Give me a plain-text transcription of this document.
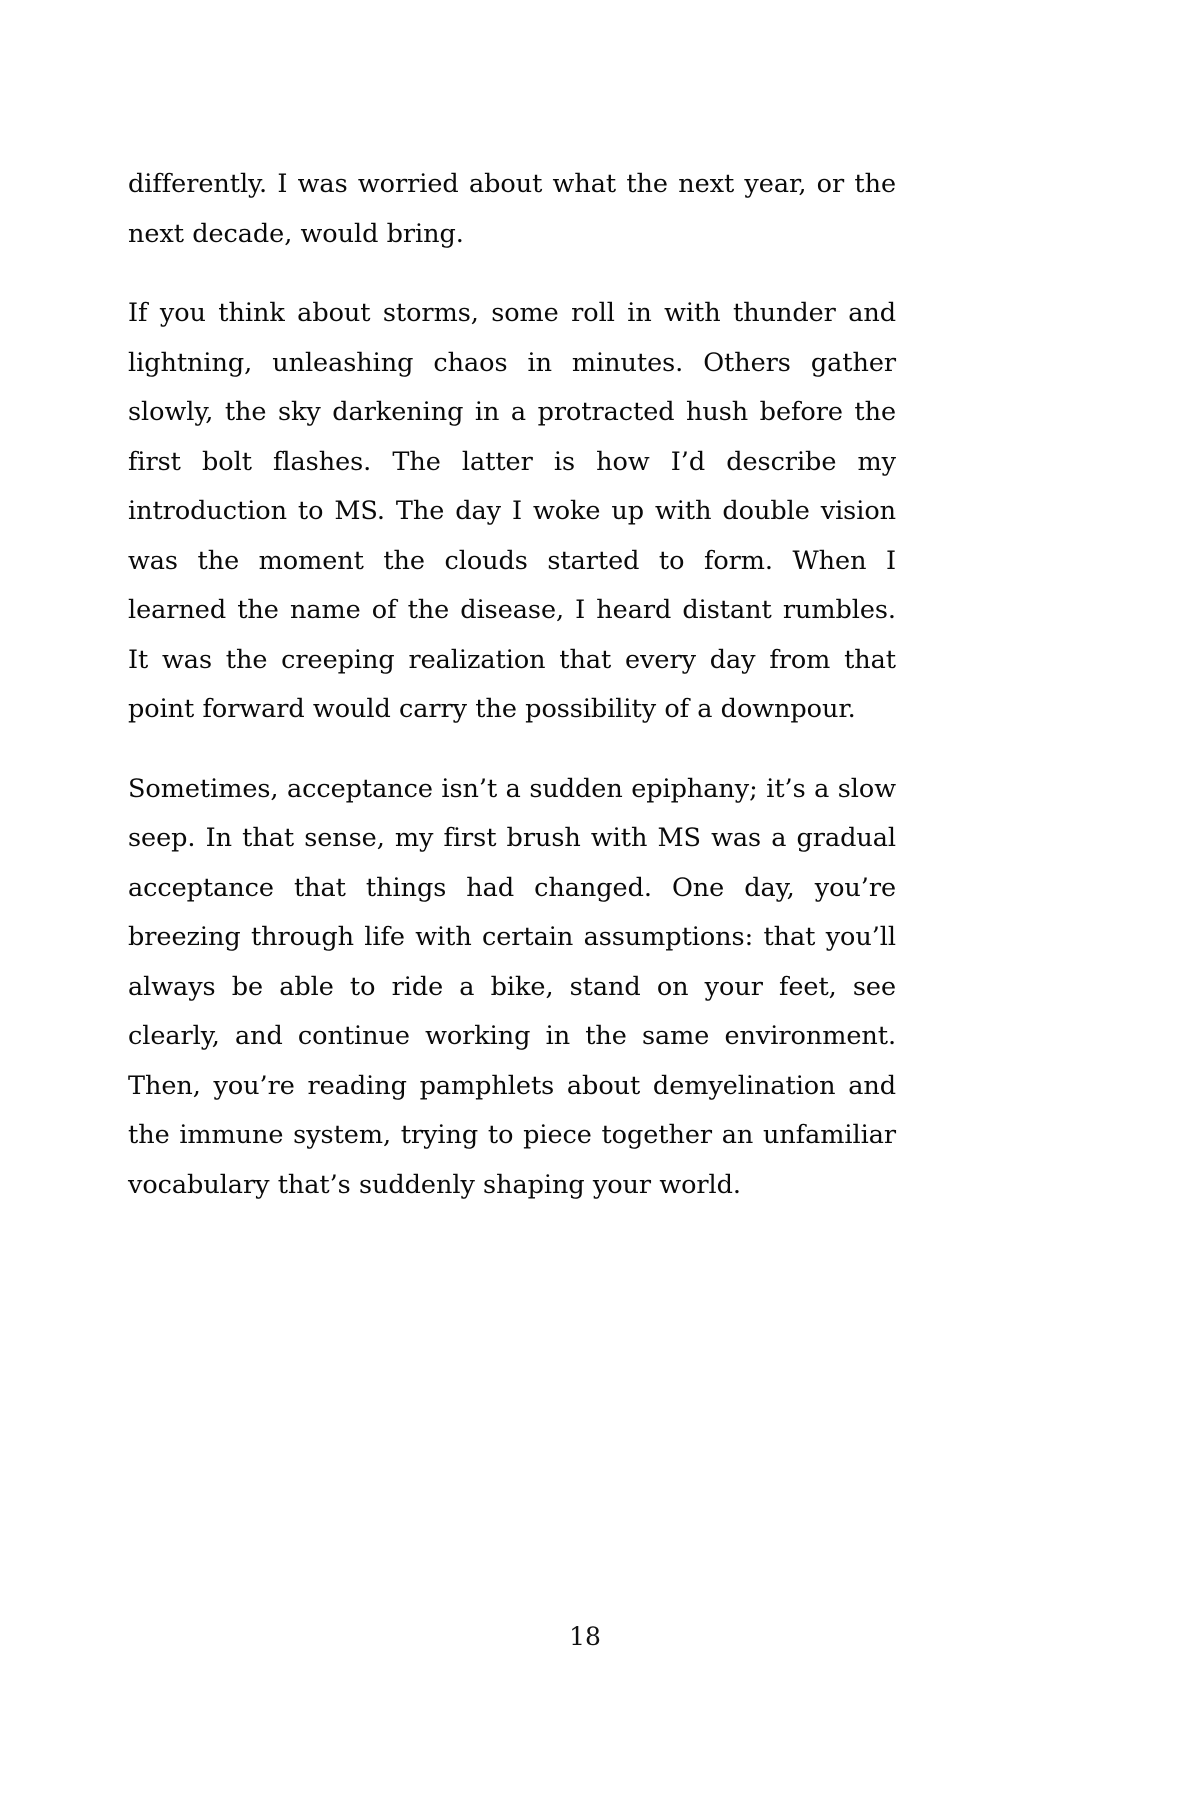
differently. I was worried about what the next year, or the next decade, would bring.

If you think about storms, some roll in with thunder and lightning, unleashing chaos in minutes. Others gather slowly, the sky darkening in a protracted hush before the first bolt flashes. The latter is how I’d describe my introduction to MS. The day I woke up with double vision was the moment the clouds started to form. When I learned the name of the disease, I heard distant rumbles. It was the creeping realization that every day from that point forward would carry the possibility of a downpour.

Sometimes, acceptance isn’t a sudden epiphany; it’s a slow seep. In that sense, my first brush with MS was a gradual acceptance that things had changed. One day, you’re breezing through life with certain assumptions: that you’ll always be able to ride a bike, stand on your feet, see clearly, and continue working in the same environment. Then, you’re reading pamphlets about demyelination and the immune system, trying to piece together an unfamiliar vocabulary that’s suddenly shaping your world.

18
